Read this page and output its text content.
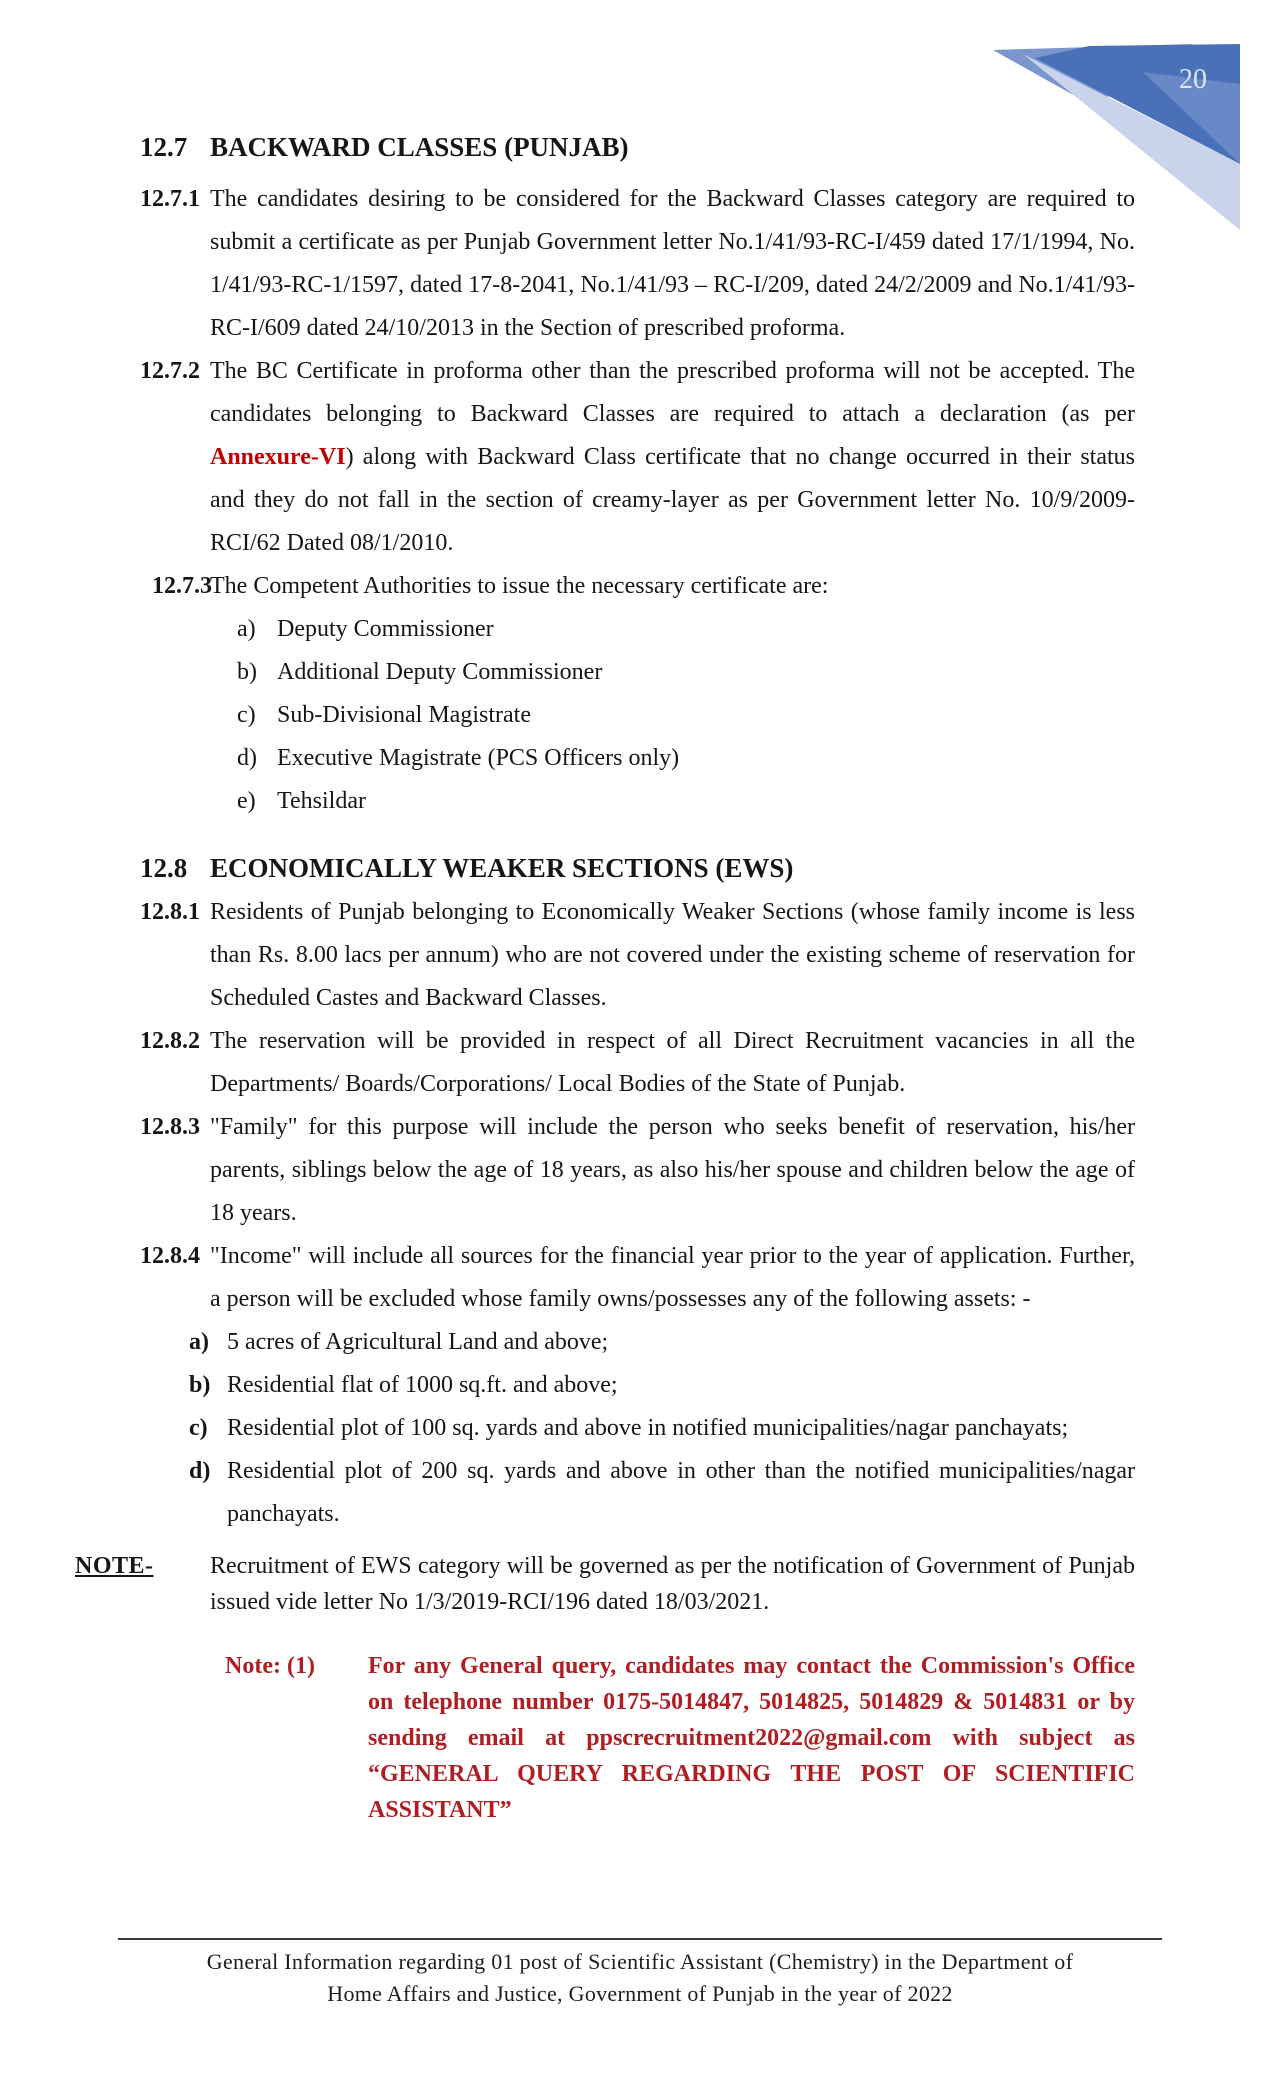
20
12.7 BACKWARD CLASSES (PUNJAB)
12.7.1 The candidates desiring to be considered for the Backward Classes category are required to submit a certificate as per Punjab Government letter No.1/41/93-RC-I/459 dated 17/1/1994, No. 1/41/93-RC-1/1597, dated 17-8-2041, No.1/41/93 – RC-I/209, dated 24/2/2009 and No.1/41/93-RC-I/609 dated 24/10/2013 in the Section of prescribed proforma.
12.7.2 The BC Certificate in proforma other than the prescribed proforma will not be accepted. The candidates belonging to Backward Classes are required to attach a declaration (as per Annexure-VI) along with Backward Class certificate that no change occurred in their status and they do not fall in the section of creamy-layer as per Government letter No. 10/9/2009-RCI/62 Dated 08/1/2010.
12.7.3
The Competent Authorities to issue the necessary certificate are:
a) Deputy Commissioner
b) Additional Deputy Commissioner
c) Sub-Divisional Magistrate
d) Executive Magistrate (PCS Officers only)
e) Tehsildar
12.8 ECONOMICALLY WEAKER SECTIONS (EWS)
12.8.1 Residents of Punjab belonging to Economically Weaker Sections (whose family income is less than Rs. 8.00 lacs per annum) who are not covered under the existing scheme of reservation for Scheduled Castes and Backward Classes.
12.8.2 The reservation will be provided in respect of all Direct Recruitment vacancies in all the Departments/ Boards/Corporations/ Local Bodies of the State of Punjab.
12.8.3 "Family" for this purpose will include the person who seeks benefit of reservation, his/her parents, siblings below the age of 18 years, as also his/her spouse and children below the age of 18 years.
12.8.4 "Income" will include all sources for the financial year prior to the year of application. Further, a person will be excluded whose family owns/possesses any of the following assets: -
a) 5 acres of Agricultural Land and above;
b) Residential flat of 1000 sq.ft. and above;
c) Residential plot of 100 sq. yards and above in notified municipalities/nagar panchayats;
d) Residential plot of 200 sq. yards and above in other than the notified municipalities/nagar panchayats.
NOTE-	Recruitment of EWS category will be governed as per the notification of Government of Punjab issued vide letter No 1/3/2019-RCI/196 dated 18/03/2021.
Note: (1)	For any General query, candidates may contact the Commission's Office on telephone number 0175-5014847, 5014825, 5014829 & 5014831 or by sending email at ppscrecruitment2022@gmail.com with subject as “GENERAL QUERY REGARDING THE POST OF SCIENTIFIC ASSISTANT”
General Information regarding 01 post of Scientific Assistant (Chemistry) in the Department of
Home Affairs and Justice, Government of Punjab in the year of 2022
